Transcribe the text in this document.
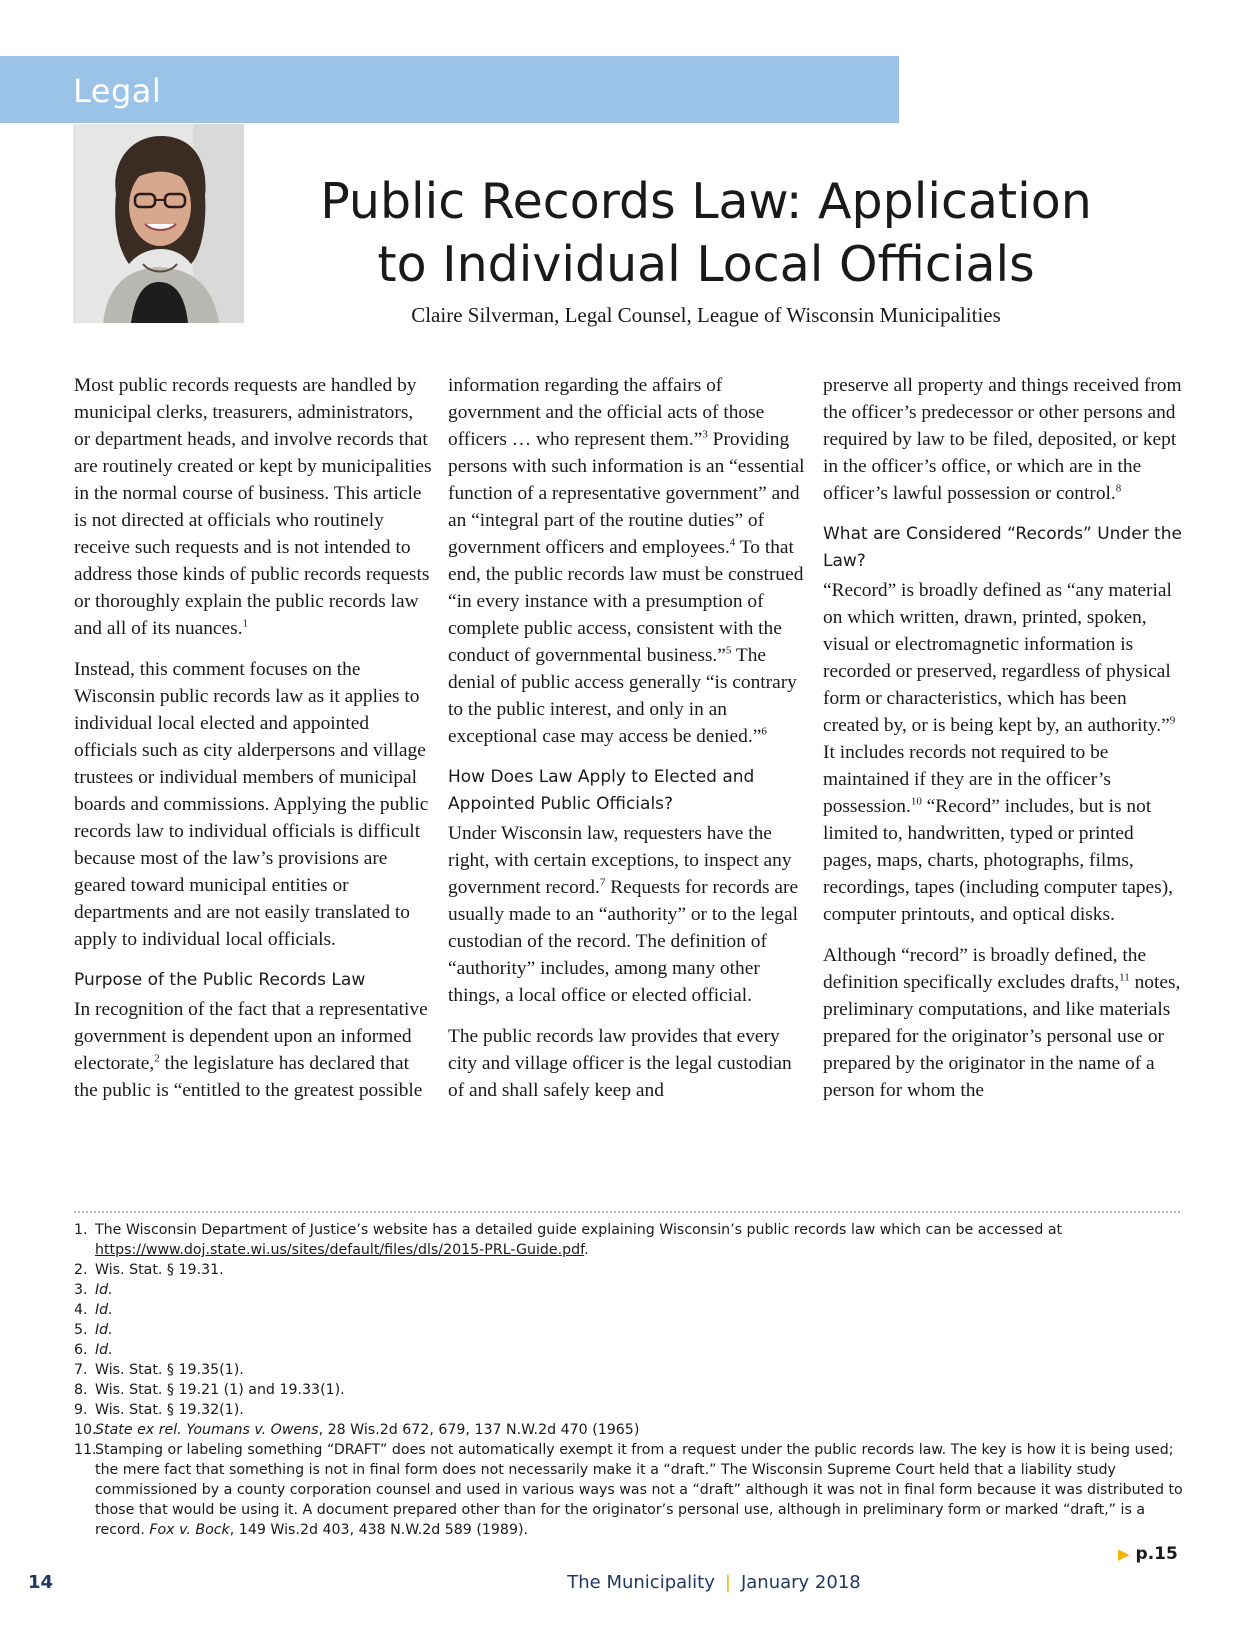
Legal
Public Records Law: Application
to Individual Local Officials
Claire Silverman, Legal Counsel, League of Wisconsin Municipalities

Most public records requests are handled by municipal clerks, treasurers, administrators, or department heads, and involve records that are routinely created or kept by municipalities in the normal course of business. This article is not directed at officials who routinely receive such requests and is not intended to address those kinds of public records requests or thoroughly explain the public records law and all of its nuances.$^1$

Instead, this comment focuses on the Wisconsin public records law as it applies to individual local elected and appointed officials such as city alderpersons and village trustees or individual members of municipal boards and commissions. Applying the public records law to individual officials is difficult because most of the law’s provisions are geared toward municipal entities or departments and are not easily translated to apply to individual local officials.

Purpose of the Public Records Law

In recognition of the fact that a representative government is dependent upon an informed electorate,$^2$ the legislature has declared that the public is “entitled to the greatest possible

information regarding the affairs of government and the official acts of those officers … who represent them.”$^3$ Providing persons with such information is an “essential function of a representative government” and an “integral part of the routine duties” of government officers and employees.$^4$ To that end, the public records law must be construed “in every instance with a presumption of complete public access, consistent with the conduct of governmental business.”$^5$ The denial of public access generally “is contrary to the public interest, and only in an exceptional case may access be denied.”$^6$

How Does Law Apply to Elected and Appointed Public Officials?

Under Wisconsin law, requesters have the right, with certain exceptions, to inspect any government record.$^7$ Requests for records are usually made to an “authority” or to the legal custodian of the record. The definition of “authority” includes, among many other things, a local office or elected official.

The public records law provides that every city and village officer is the legal custodian of and shall safely keep and

preserve all property and things received from the officer’s predecessor or other persons and required by law to be filed, deposited, or kept in the officer’s office, or which are in the officer’s lawful possession or control.$^8$

What are Considered “Records” Under the Law?

“Record” is broadly defined as “any material on which written, drawn, printed, spoken, visual or electromagnetic information is recorded or preserved, regardless of physical form or characteristics, which has been created by, or is being kept by, an authority.”$^9$ It includes records not required to be maintained if they are in the officer’s possession.$^{10}$ “Record” includes, but is not limited to, handwritten, typed or printed pages, maps, charts, photographs, films, recordings, tapes (including computer tapes), computer printouts, and optical disks.

Although “record” is broadly defined, the definition specifically excludes drafts,$^{11}$ notes, preliminary computations, and like materials prepared for the originator’s personal use or prepared by the originator in the name of a person for whom the

1. The Wisconsin Department of Justice’s website has a detailed guide explaining Wisconsin’s public records law which can be accessed at https://www.doj.state.wi.us/sites/default/files/dls/2015-PRL-Guide.pdf.
2. Wis. Stat. § 19.31.
3. Id.
4. Id.
5. Id.
6. Id.
7. Wis. Stat. § 19.35(1).
8. Wis. Stat. § 19.21 (1) and 19.33(1).
9. Wis. Stat. § 19.32(1).
10.
State ex rel. Youmans v. Owens, 28 Wis.2d 672, 679, 137 N.W.2d 470 (1965)
11.
Stamping or labeling something “DRAFT” does not automatically exempt it from a request under the public records law. The key is how it is being used; the mere fact that something is not in final form does not necessarily make it a “draft.” The Wisconsin Supreme Court held that a liability study commissioned by a county corporation counsel and used in various ways was not a “draft” although it was not in final form because it was distributed to those that would be using it. A document prepared other than for the originator’s personal use, although in preliminary form or marked “draft,” is a record. Fox v. Bock, 149 Wis.2d 403, 438 N.W.2d 589 (1989).
▶ p.15
14	The Municipality | January 2018
